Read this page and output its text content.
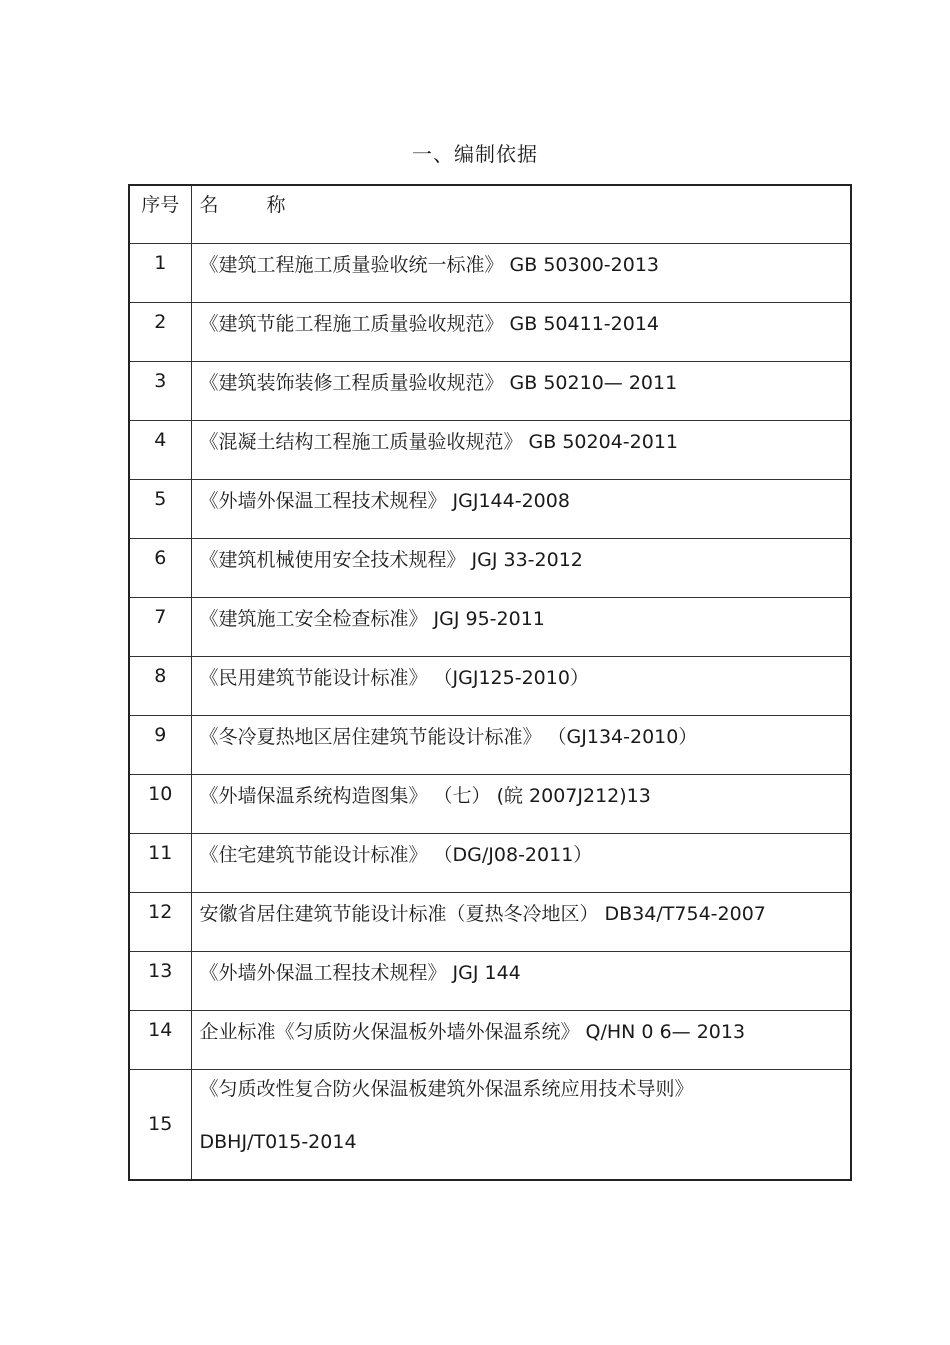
一、编制依据
序号	名 称

1	《建筑工程施工质量验收统一标准》 GB 50300-2013

2	《建筑节能工程施工质量验收规范》 GB 50411-2014

3	《建筑装饰装修工程质量验收规范》 GB 50210— 2011

4	《混凝土结构工程施工质量验收规范》 GB 50204-2011

5	《外墙外保温工程技术规程》 JGJ144-2008

6	《建筑机械使用安全技术规程》 JGJ 33-2012

7	《建筑施工安全检查标准》 JGJ 95-2011

8	《民用建筑节能设计标准》 （JGJ125-2010）

9	《冬冷夏热地区居住建筑节能设计标准》 （GJ134-2010）

10	《外墙保温系统构造图集》 （七） (皖 2007J212)13

11	《住宅建筑节能设计标准》 （DG/J08-2011）

12	安徽省居住建筑节能设计标准（夏热冬冷地区） DB34/T754-2007

13	《外墙外保温工程技术规程》 JGJ 144

14	企业标准《匀质防火保温板外墙外保温系统》 Q/HN 0 6— 2013

15	《匀质改性复合防火保温板建筑外保温系统应用技术导则》
DBHJ/T015-2014
